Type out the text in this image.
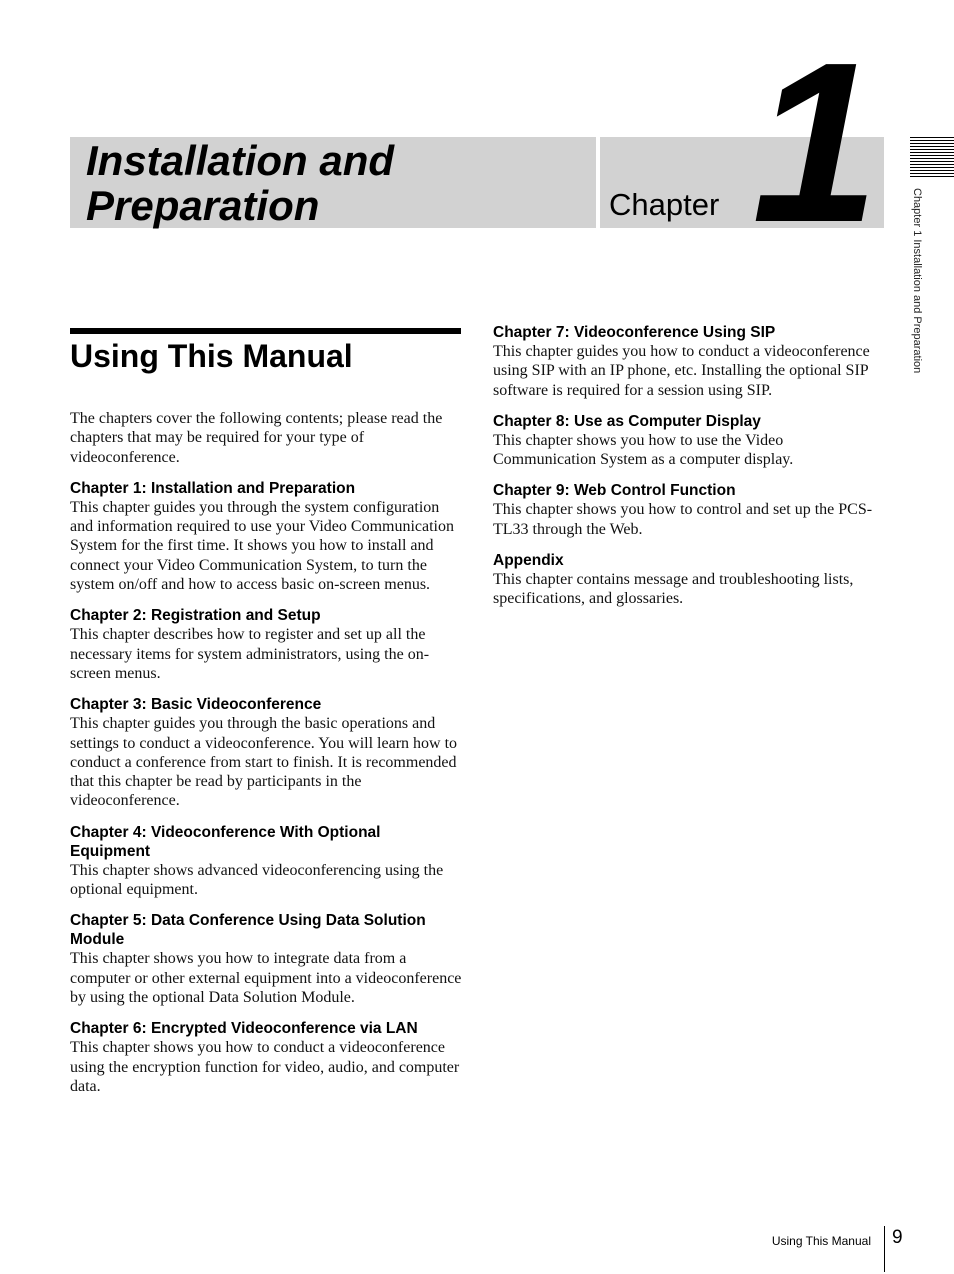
Installation and Preparation	Chapter 1
Chapter 1 Installation and Preparation
Using This Manual

The chapters cover the following contents; please read the chapters that may be required for your type of videoconference.

Chapter 1: Installation and Preparation

This chapter guides you through the system configuration and information required to use your Video Communication System for the first time. It shows you how to install and connect your Video Communication System, to turn the system on/off and how to access basic on-screen menus.

Chapter 2: Registration and Setup

This chapter describes how to register and set up all the necessary items for system administrators, using the on-screen menus.

Chapter 3: Basic Videoconference

This chapter guides you through the basic operations and settings to conduct a videoconference. You will learn how to conduct a conference from start to finish. It is recommended that this chapter be read by participants in the videoconference.

Chapter 4: Videoconference With Optional Equipment

This chapter shows advanced videoconferencing using the optional equipment.

Chapter 5: Data Conference Using Data Solution Module

This chapter shows you how to integrate data from a computer or other external equipment into a videoconference by using the optional Data Solution Module.

Chapter 6: Encrypted Videoconference via LAN

This chapter shows you how to conduct a videoconference using the encryption function for video, audio, and computer data.

Chapter 7: Videoconference Using SIP

This chapter guides you how to conduct a videoconference using SIP with an IP phone, etc. Installing the optional SIP software is required for a session using SIP.

Chapter 8: Use as Computer Display

This chapter shows you how to use the Video Communication System as a computer display.

Chapter 9: Web Control Function

This chapter shows you how to control and set up the PCS-TL33 through the Web.

Appendix

This chapter contains message and troubleshooting lists, specifications, and glossaries.

Using This Manual 9
